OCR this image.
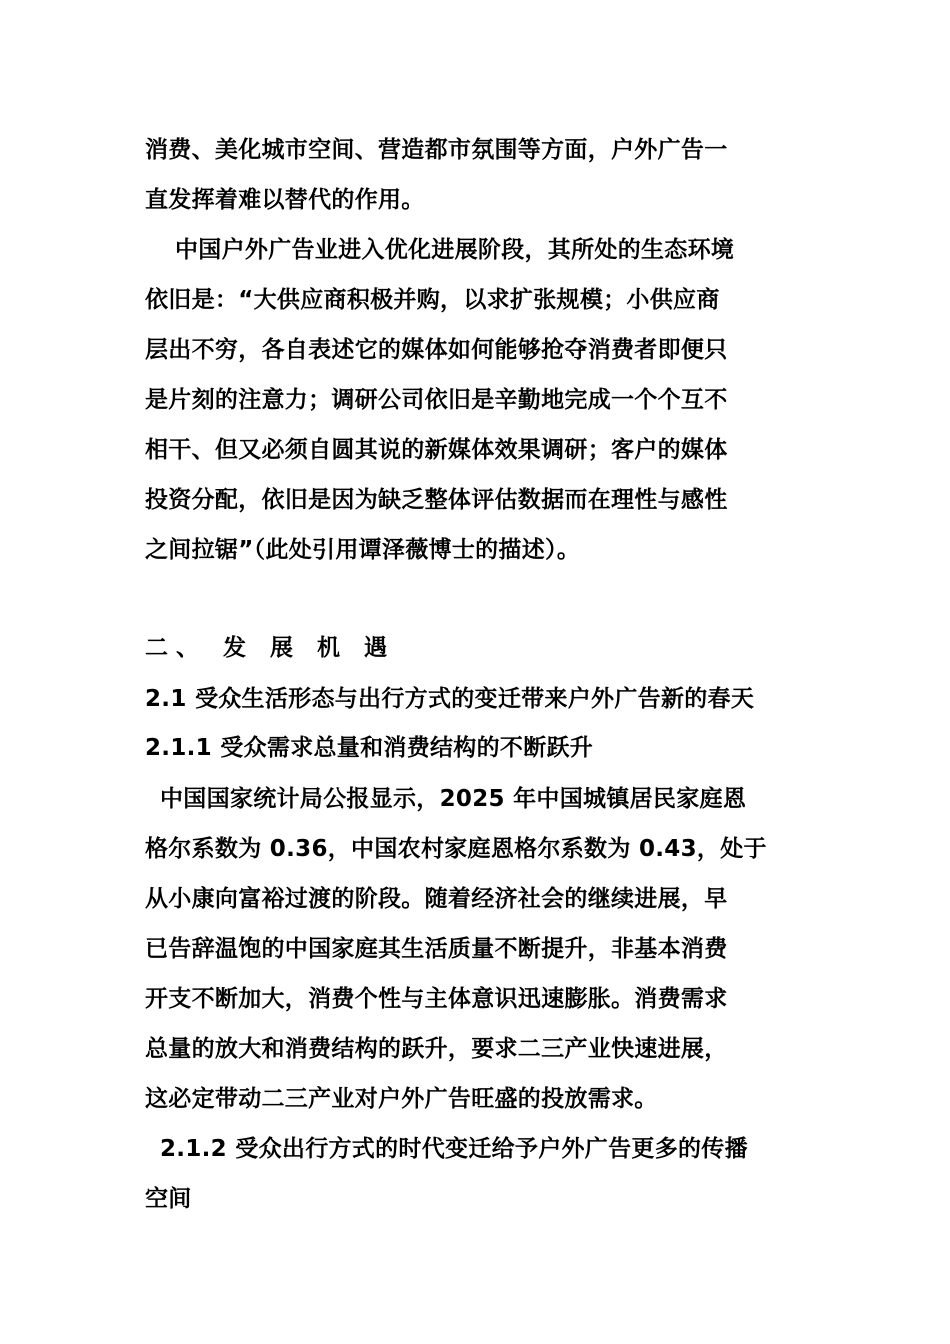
消费、美化城市空间、营造都市氛围等方面，户外广告一
直发挥着难以替代的作用。
中国户外广告业进入优化进展阶段，其所处的生态环境
依旧是：“大供应商积极并购，以求扩张规模；小供应商
层出不穷，各自表述它的媒体如何能够抢夺消费者即便只
是片刻的注意力；调研公司依旧是辛勤地完成一个个互不
相干、但又必须自圆其说的新媒体效果调研；客户的媒体
投资分配，依旧是因为缺乏整体评估数据而在理性与感性
之间拉锯”（此处引用谭泽薇博士的描述）。
二、 发 展 机 遇
2.1 受众生活形态与出行方式的变迁带来户外广告新的春天
2.1.1 受众需求总量和消费结构的不断跃升
中国国家统计局公报显示，2025 年中国城镇居民家庭恩
格尔系数为 0.36，中国农村家庭恩格尔系数为 0.43，处于
从小康向富裕过渡的阶段。随着经济社会的继续进展，早
已告辞温饱的中国家庭其生活质量不断提升，非基本消费
开支不断加大，消费个性与主体意识迅速膨胀。消费需求
总量的放大和消费结构的跃升，要求二三产业快速进展，
这必定带动二三产业对户外广告旺盛的投放需求。
2.1.2 受众出行方式的时代变迁给予户外广告更多的传播
空间
